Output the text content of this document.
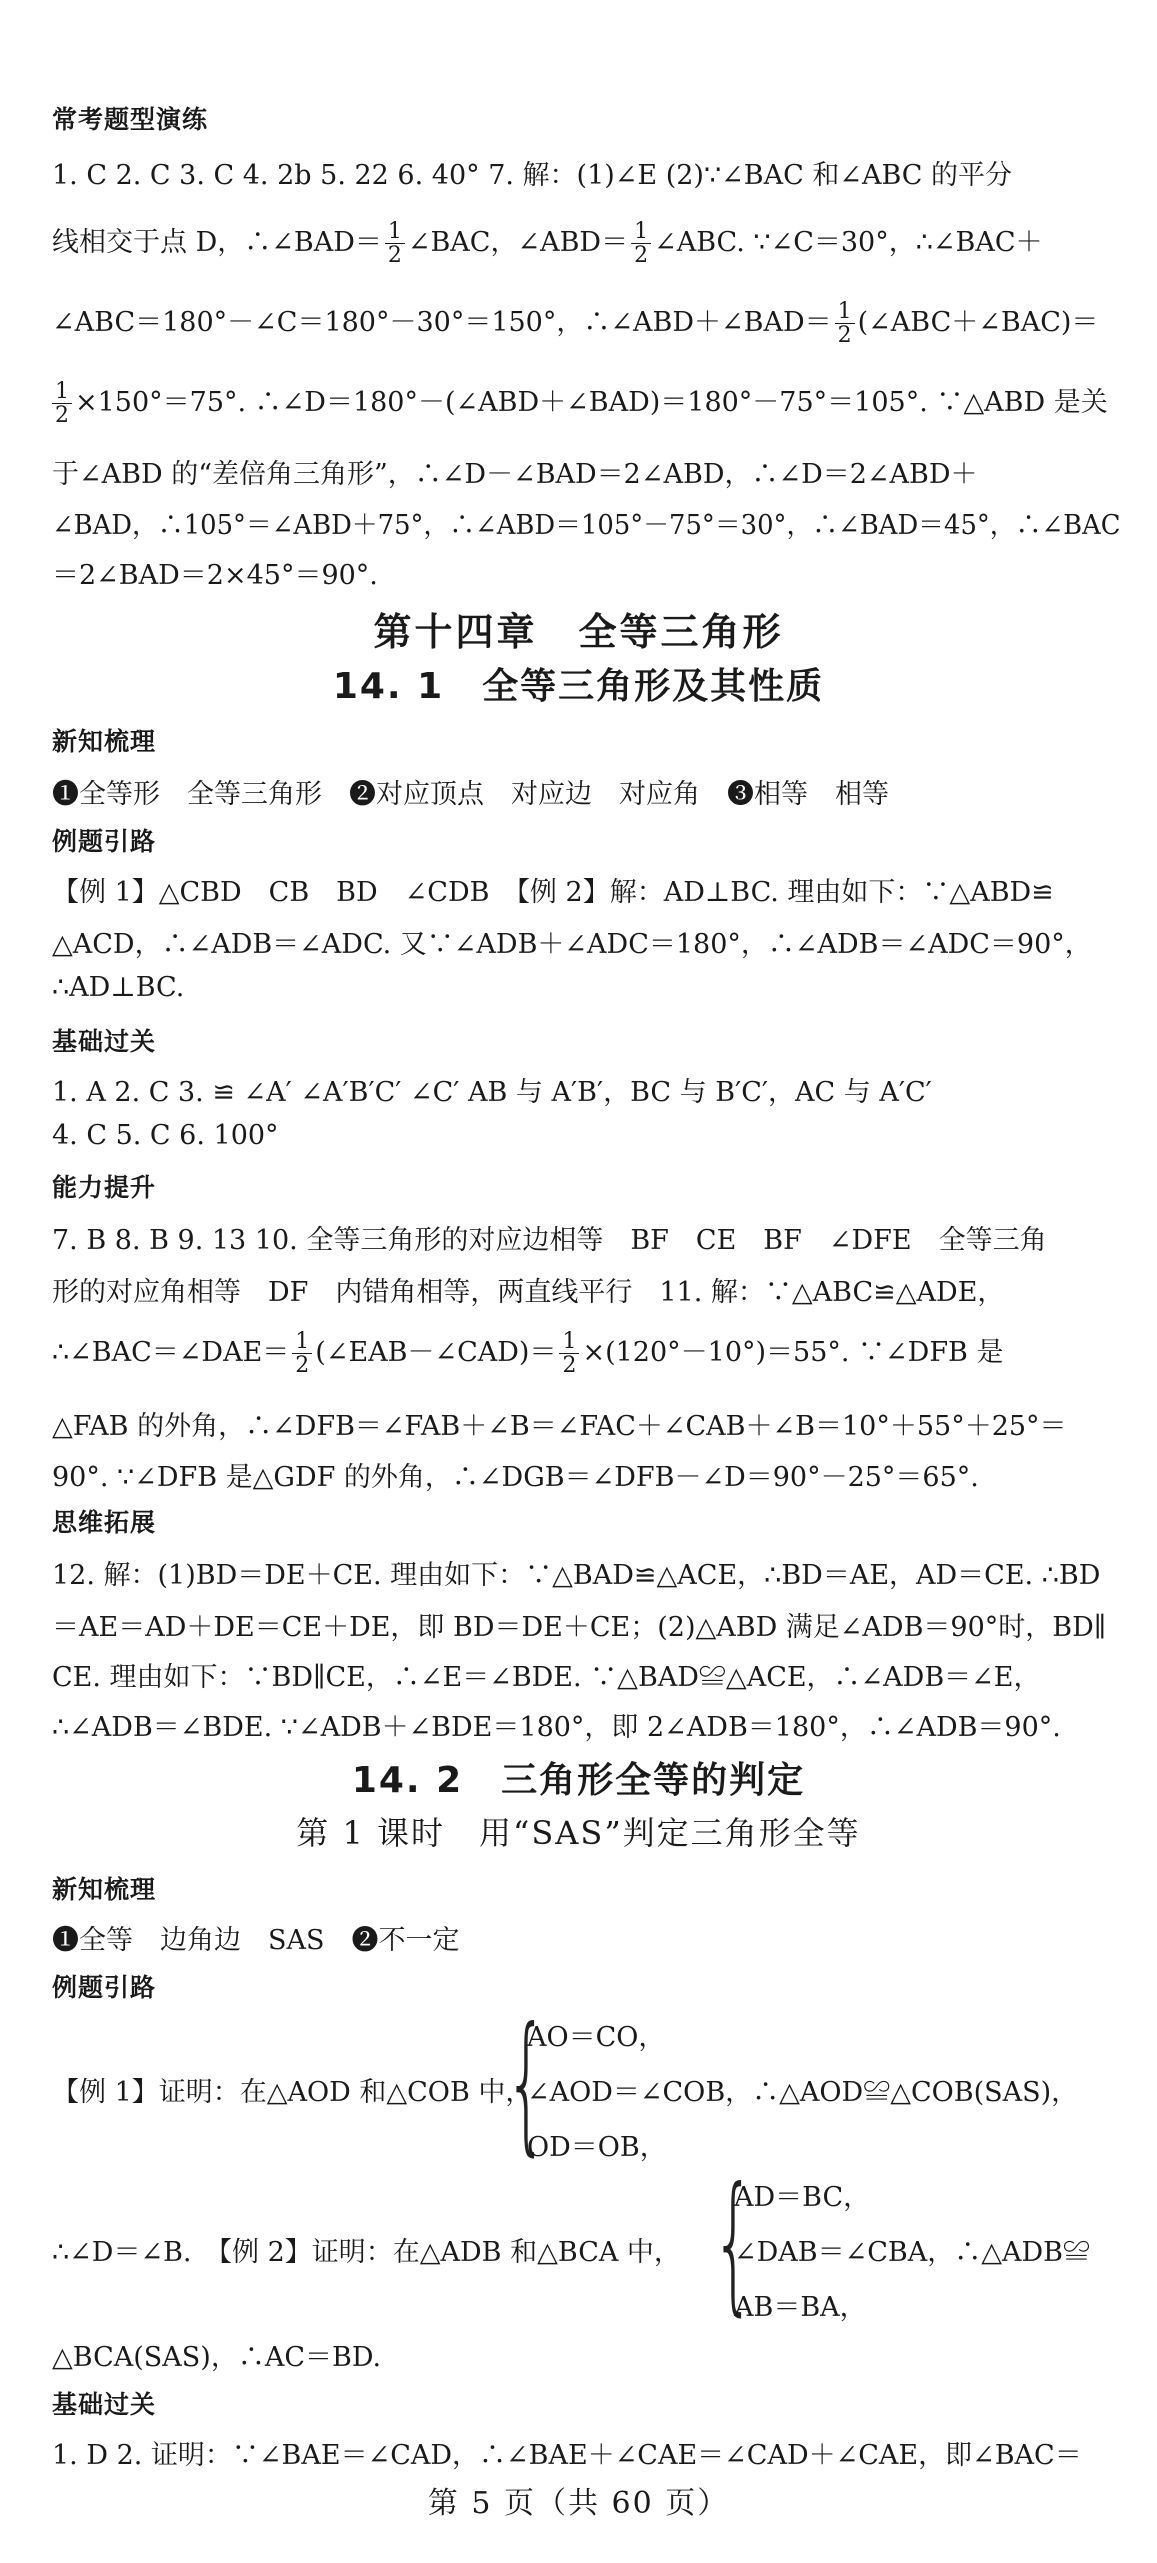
常考题型演练
1. C 2. C 3. C 4. 2b 5. 22 6. 40° 7. 解：(1)∠E (2)∵∠BAC 和∠ABC 的平分
线相交于点 D，∴∠BAD＝ $\frac{1}{2}$ ∠BAC，∠ABD＝ $\frac{1}{2}$ ∠ABC. ∵∠C＝30°，∴∠BAC＋
∠ABC＝180°－∠C＝180°－30°＝150°，∴∠ABD＋∠BAD＝ $\frac{1}{2}$ (∠ABC＋∠BAC)＝
$\frac{1}{2} \times 150^\circ=75^\circ$. ∴∠D＝180°－(∠ABD＋∠BAD)＝180°－75°＝105°. ∵△ABD 是关
于∠ABD 的“差倍角三角形”，∴∠D－∠BAD＝2∠ABD，∴∠D＝2∠ABD＋
∠BAD，∴105°＝∠ABD＋75°，∴∠ABD＝105°－75°＝30°，∴∠BAD＝45°，∴∠BAC
＝2∠BAD＝2×45°＝90°.
第十四章　全等三角形
14. 1　全等三角形及其性质
新知梳理
❶全等形　全等三角形　❷对应顶点　对应边　对应角　❸相等　相等
例题引路
【例 1】△CBD　CB　BD　∠CDB　【例 2】解：AD⊥BC. 理由如下：∵△ABD≌
△ACD，∴∠ADB＝∠ADC. 又∵∠ADB＋∠ADC＝180°，∴∠ADB＝∠ADC＝90°，
∴AD⊥BC.
基础过关
1. A 2. C 3. ≌ ∠A′ ∠A′B′C′ ∠C′ AB 与 A′B′，BC 与 B′C′，AC 与 A′C′
4. C 5. C 6. 100°
能力提升
7. B 8. B 9. 13 10. 全等三角形的对应边相等　BF　CE　BF　∠DFE　全等三角
形的对应角相等　DF　内错角相等，两直线平行　11. 解：∵△ABC≌△ADE，
∴∠BAC＝∠DAE＝ $\frac{1}{2}$ (∠EAB－∠CAD)＝ $\frac{1}{2} \times(120^\circ-10^\circ)=55^\circ$. ∵∠DFB 是
△FAB 的外角，∴∠DFB＝∠FAB＋∠B＝∠FAC＋∠CAB＋∠B＝10°＋55°＋25°＝
90°. ∵∠DFB 是△GDF 的外角，∴∠DGB＝∠DFB－∠D＝90°－25°＝65°.
思维拓展
12. 解：(1)BD＝DE＋CE. 理由如下：∵△BAD≌△ACE，∴BD＝AE，AD＝CE. ∴BD
＝AE＝AD＋DE＝CE＋DE，即 BD＝DE＋CE；(2)△ABD 满足∠ADB＝90°时，BD∥
CE. 理由如下：∵BD∥CE，∴∠E＝∠BDE. ∵△BAD≌△ACE，∴∠ADB＝∠E，
∴∠ADB＝∠BDE. ∵∠ADB＋∠BDE＝180°，即 2∠ADB＝180°，∴∠ADB＝90°.
14. 2　三角形全等的判定
第 1 课时　用“SAS”判定三角形全等
新知梳理
❶全等　边角边　SAS　❷不一定
例题引路
【例 1】证明：在△AOD 和△COB 中，
{
AO＝CO，
∠AOD＝∠COB，∴△AOD≌△COB(SAS)，
OD＝OB，
∴∠D＝∠B.　【例 2】证明：在△ADB 和△BCA 中， {
AD＝BC，
∠DAB＝∠CBA，∴△ADB≌
AB＝BA，
△BCA(SAS)，∴AC＝BD.
基础过关
1. D 2. 证明：∵∠BAE＝∠CAD，∴∠BAE＋∠CAE＝∠CAD＋∠CAE，即∠BAC＝
第 5 页（共 60 页）
